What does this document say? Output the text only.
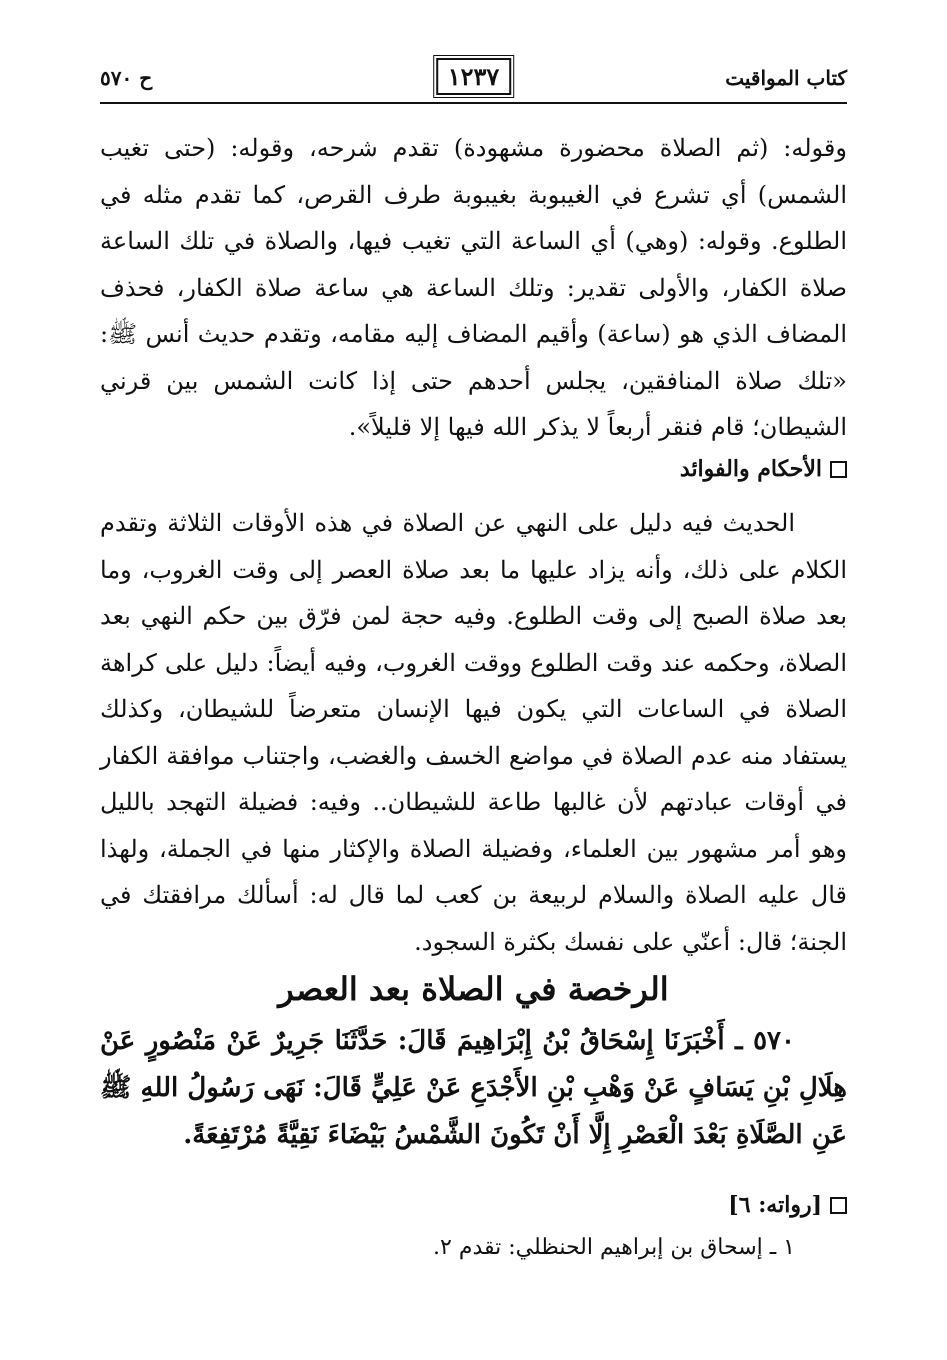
كتاب المواقيت
١٢٣٧
ح ٥٧٠

وقوله: (ثم الصلاة محضورة مشهودة) تقدم شرحه، وقوله: (حتى تغيب الشمس) أي تشرع في الغيبوبة بغيبوبة طرف القرص، كما تقدم مثله في الطلوع. وقوله: (وهي) أي الساعة التي تغيب فيها، والصلاة في تلك الساعة صلاة الكفار، والأولى تقدير: وتلك الساعة هي ساعة صلاة الكفار، فحذف المضاف الذي هو (ساعة) وأقيم المضاف إليه مقامه، وتقدم حديث أنس ﷺ: «تلك صلاة المنافقين، يجلس أحدهم حتى إذا كانت الشمس بين قرني الشيطان؛ قام فنقر أربعاً لا يذكر الله فيها إلا قليلاً».

الأحكام والفوائد

الحديث فيه دليل على النهي عن الصلاة في هذه الأوقات الثلاثة وتقدم الكلام على ذلك، وأنه يزاد عليها ما بعد صلاة العصر إلى وقت الغروب، وما بعد صلاة الصبح إلى وقت الطلوع. وفيه حجة لمن فرّق بين حكم النهي بعد الصلاة، وحكمه عند وقت الطلوع ووقت الغروب، وفيه أيضاً: دليل على كراهة الصلاة في الساعات التي يكون فيها الإنسان متعرضاً للشيطان، وكذلك يستفاد منه عدم الصلاة في مواضع الخسف والغضب، واجتناب موافقة الكفار في أوقات عبادتهم لأن غالبها طاعة للشيطان.. وفيه: فضيلة التهجد بالليل وهو أمر مشهور بين العلماء، وفضيلة الصلاة والإكثار منها في الجملة، ولهذا قال عليه الصلاة والسلام لربيعة بن كعب لما قال له: أسألك مرافقتك في الجنة؛ قال: أعنّي على نفسك بكثرة السجود.

الرخصة في الصلاة بعد العصر

٥٧٠ ـ أَخْبَرَنَا إِسْحَاقُ بْنُ إِبْرَاهِيمَ قَالَ: حَدَّثَنَا جَرِيرٌ عَنْ مَنْصُورٍ عَنْ هِلَالِ بْنِ يَسَافٍ عَنْ وَهْبِ بْنِ الأَجْدَعِ عَنْ عَلِيٍّ قَالَ: نَهَى رَسُولُ اللهِ ﷺ عَنِ الصَّلَاةِ بَعْدَ الْعَصْرِ إِلَّا أَنْ تَكُونَ الشَّمْسُ بَيْضَاءَ نَقِيَّةً مُرْتَفِعَةً.

[رواته: ٦]

١ ـ إسحاق بن إبراهيم الحنظلي: تقدم ٢.
